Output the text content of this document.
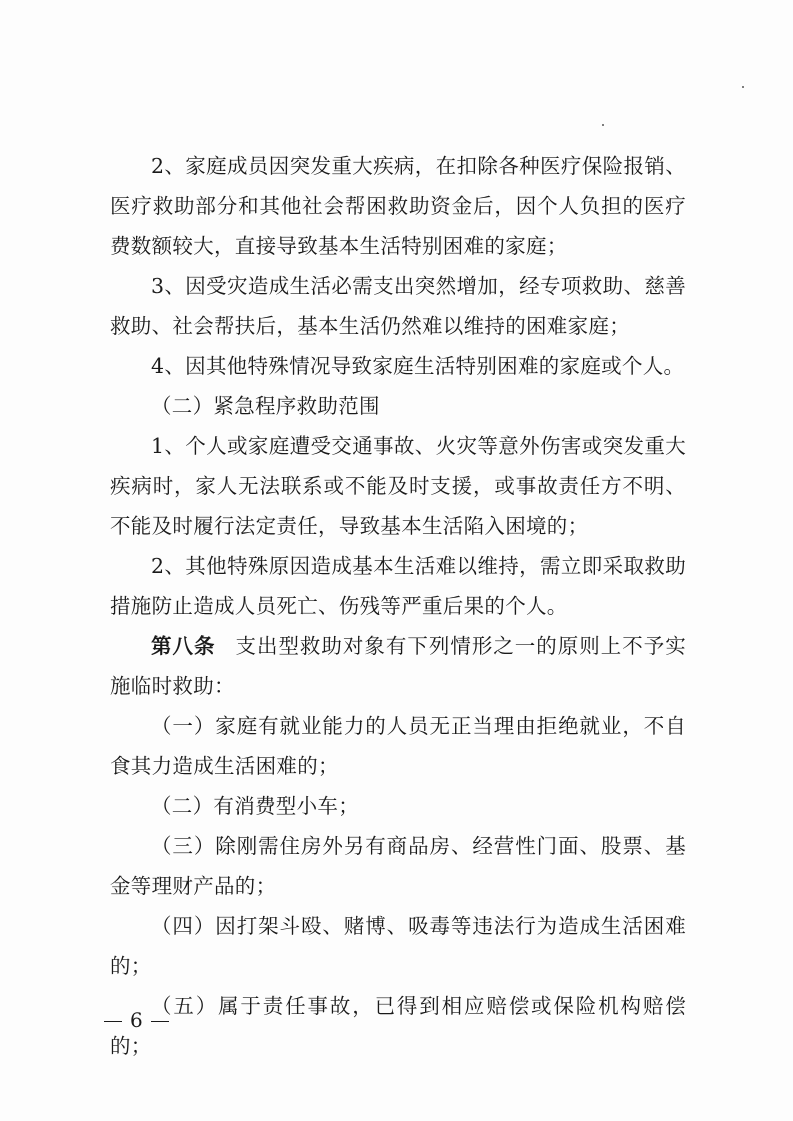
2、家庭成员因突发重大疾病，在扣除各种医疗保险报销、医疗救助部分和其他社会帮困救助资金后，因个人负担的医疗费数额较大，直接导致基本生活特别困难的家庭；

3、因受灾造成生活必需支出突然增加，经专项救助、慈善救助、社会帮扶后，基本生活仍然难以维持的困难家庭；

4、因其他特殊情况导致家庭生活特别困难的家庭或个人。

（二）紧急程序救助范围

1、个人或家庭遭受交通事故、火灾等意外伤害或突发重大疾病时，家人无法联系或不能及时支援，或事故责任方不明、不能及时履行法定责任，导致基本生活陷入困境的；

2、其他特殊原因造成基本生活难以维持，需立即采取救助措施防止造成人员死亡、伤残等严重后果的个人。

第八条 支出型救助对象有下列情形之一的原则上不予实施临时救助：

（一）家庭有就业能力的人员无正当理由拒绝就业，不自食其力造成生活困难的；

（二）有消费型小车；

（三）除刚需住房外另有商品房、经营性门面、股票、基金等理财产品的；

（四）因打架斗殴、赌博、吸毒等违法行为造成生活困难的；

（五）属于责任事故，已得到相应赔偿或保险机构赔偿的；

6
